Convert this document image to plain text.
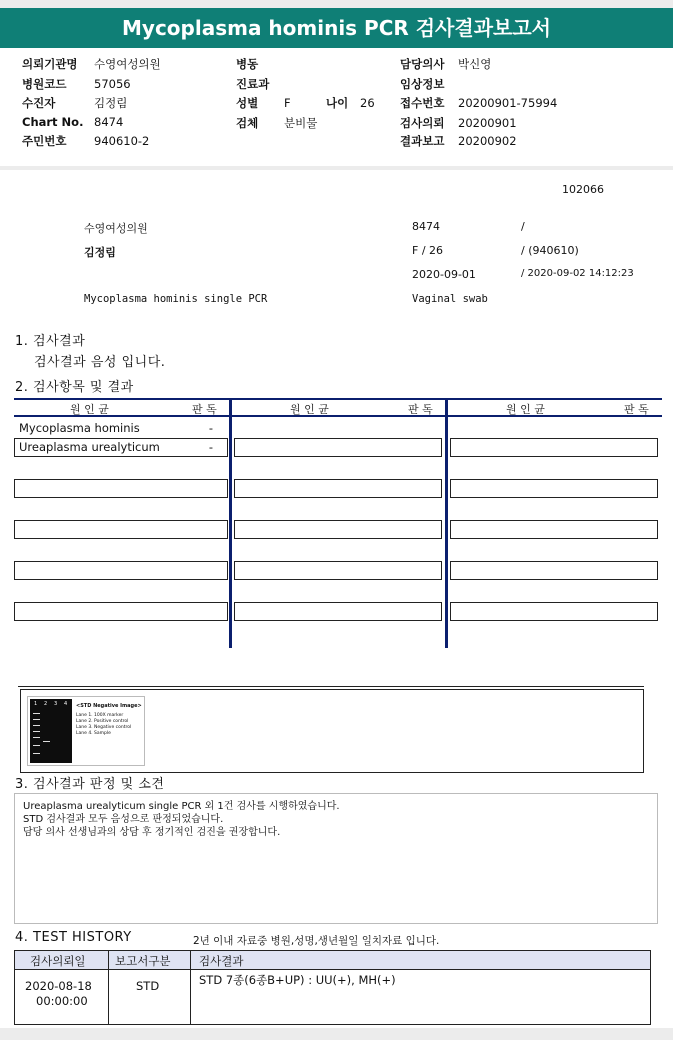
Mycoplasma hominis PCR 검사결과보고서
의뢰기관명 수영여성의원
병원코드 57056
수진자	김정림
Chart No. 8474
주민번호 940610-2
병동
진료과
성별 F	나이 26
검체 분비물
담당의사 박신영
임상정보
접수번호 20200901-75994
검사의뢰 20200901
결과보고 20200902
102066
수영여성의원	8474	/
김정림	F / 26	/ (940610)
2020-09-01	/ 2020-09-02 14:12:23
Mycoplasma hominis single PCR	Vaginal swab
1. 검사결과
검사결과 음성 입니다.
2. 검사항목 및 결과
원 인 균	판 독	원 인 균	판 독	원 인 균	판 독
Mycoplasma hominis	-
Ureaplasma urealyticum	-
1 2 3 4 <STD Negative Image>
Lane 1. 100X marker
Lane 2. Positive control
Lane 3. Negative control
Lane 4. Sample
3. 검사결과 판정 및 소견
Ureaplasma urealyticum single PCR 외 1건 검사를 시행하였습니다.
STD 검사결과 모두 음성으로 판정되었습니다.
담당 의사 선생님과의 상담 후 정기적인 검진을 권장합니다.
4. TEST HISTORY	2년 이내 자료중 병원,성명,생년월일 일치자료 입니다.
검사의뢰일	보고서구분 검사결과
2020-08-18
00:00:00
STD	STD 7종(6종B+UP) : UU(+), MH(+)
